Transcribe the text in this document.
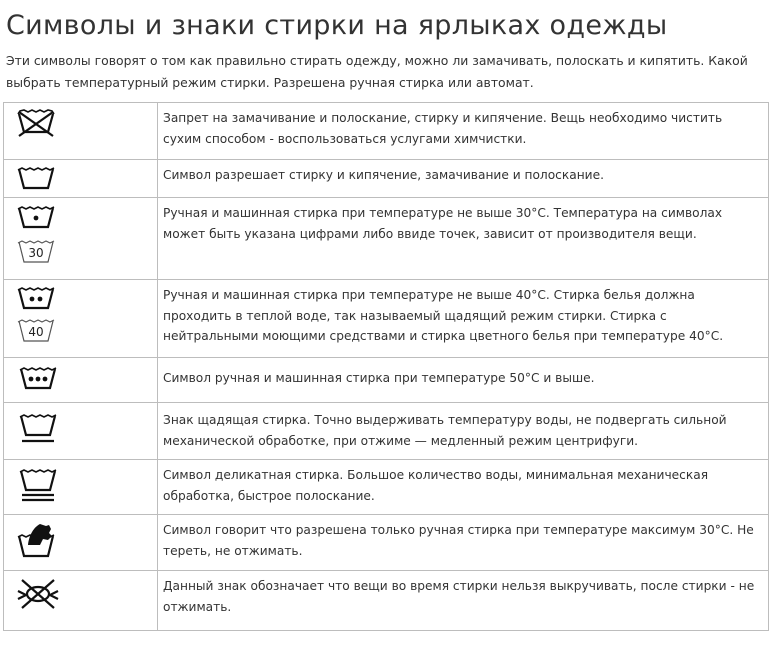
Символы и знаки стирки на ярлыках одежды
Эти символы говорят о том как правильно стирать одежду, можно ли замачивать, полоскать и кипятить. Какой выбрать температурный режим стирки. Разрешена ручная стирка или автомат.
	Запрет на замачивание и полоскание, стирку и кипячение. Вещь необходимо чистить сухим способом - воспользоваться услугами химчистки.

	Символ разрешает стирку и кипячение, замачивание и полоскание.

30	Ручная и машинная стирка при температуре не выше 30°С. Температура на символах может быть указана цифрами либо ввиде точек, зависит от производителя вещи.

40	Ручная и машинная стирка при температуре не выше 40°С. Стирка белья должна проходить в теплой воде, так называемый щадящий режим стирки. Стирка с нейтральными моющими средствами и стирка цветного белья при температуре 40°С.

	Символ ручная и машинная стирка при температуре 50°С и выше.

	Знак щадящая стирка. Точно выдерживать температуру воды, не подвергать сильной механической обработке, при отжиме — медленный режим центрифуги.

	Символ деликатная стирка. Большое количество воды, минимальная механическая обработка, быстрое полоскание.

	Символ говорит что разрешена только ручная стирка при температуре максимум 30°С. Не тереть, не отжимать.

	Данный знак обозначает что вещи во время стирки нельзя выкручивать, после стирки - не отжимать.
